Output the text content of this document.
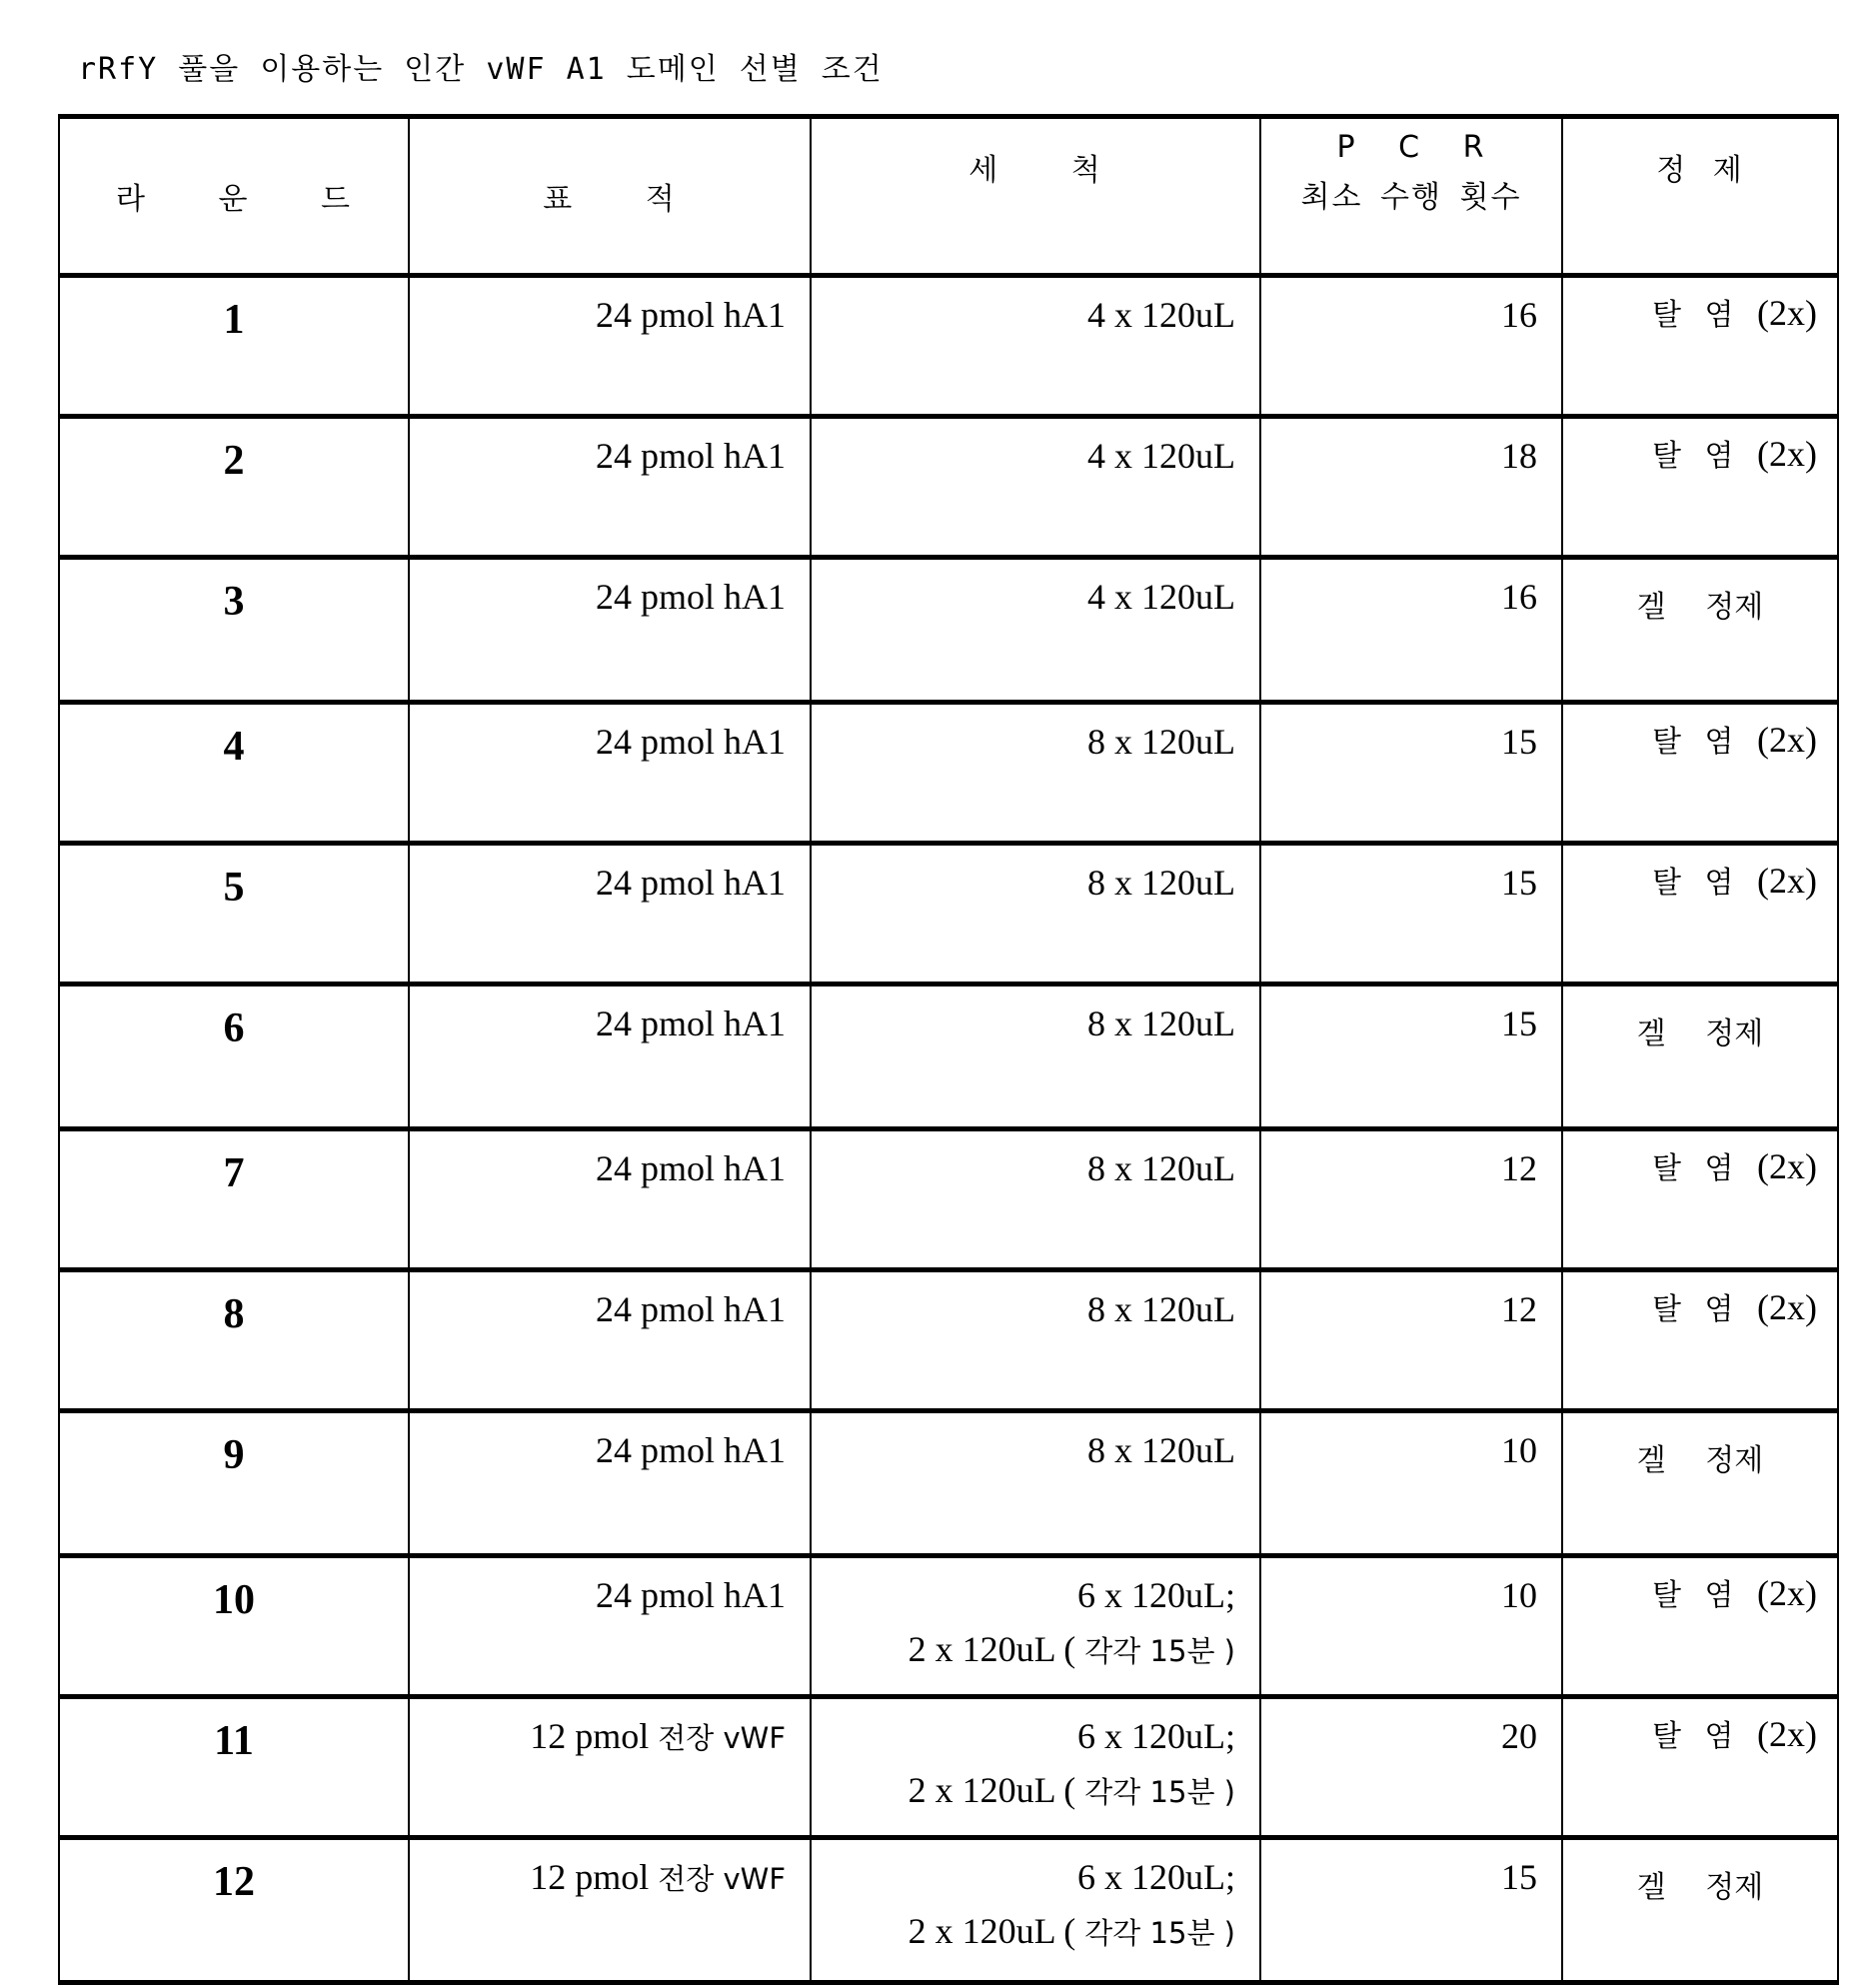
rRfY 풀을 이용하는 인간 vWF A1 도메인 선별 조건
라 운 드	표 적	세 척	
P C R
최소 수행 횟수
	정 제
1	24 pmol hA1	4 x 120uL	16	탈 염 (2x)
2	24 pmol hA1	4 x 120uL	18	탈 염 (2x)
3	24 pmol hA1	4 x 120uL	16	겔 정제
4	24 pmol hA1	8 x 120uL	15	탈 염 (2x)
5	24 pmol hA1	8 x 120uL	15	탈 염 (2x)
6	24 pmol hA1	8 x 120uL	15	겔 정제
7	24 pmol hA1	8 x 120uL	12	탈 염 (2x)
8	24 pmol hA1	8 x 120uL	12	탈 염 (2x)
9	24 pmol hA1	8 x 120uL	10	겔 정제
10	24 pmol hA1	6 x 120uL;
2 x 120uL ( 각각 15분 )
	10	탈 염 (2x)
11	12 pmol 전장 vWF	6 x 120uL;
2 x 120uL ( 각각 15분 )
	20	탈 염 (2x)
12	12 pmol 전장 vWF	6 x 120uL;
2 x 120uL ( 각각 15분 )
	15	겔 정제
